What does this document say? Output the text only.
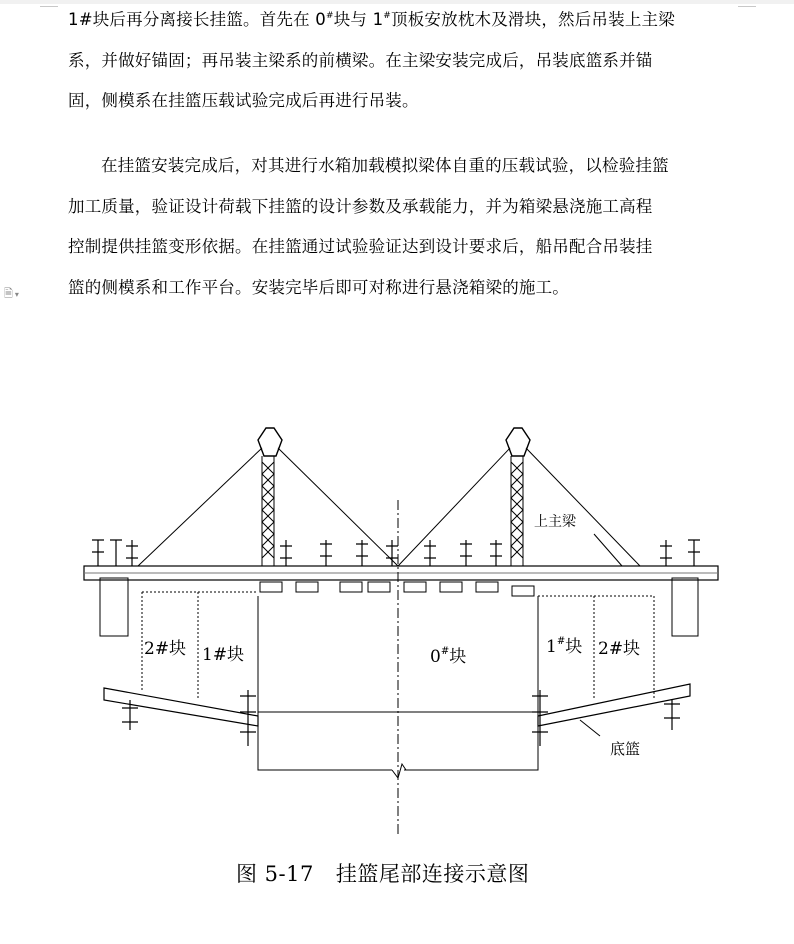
1#块后再分离接长挂篮。首先在 0#块与 1#顶板安放枕木及滑块，然后吊装上主梁
系，并做好锚固；再吊装主梁系的前横梁。在主梁安装完成后，吊装底篮系并锚
固，侧模系在挂篮压载试验完成后再进行吊装。
在挂篮安装完成后，对其进行水箱加载模拟梁体自重的压载试验，以检验挂篮
加工质量，验证设计荷载下挂篮的设计参数及承载能力，并为箱梁悬浇施工高程
控制提供挂篮变形依据。在挂篮通过试验验证达到设计要求后，船吊配合吊装挂
篮的侧模系和工作平台。安装完毕后即可对称进行悬浇箱梁的施工。
🗎 ▾
上主梁
2#块 1#块	0#块	1#块 2#块
底篮
图 5-17 挂篮尾部连接示意图
